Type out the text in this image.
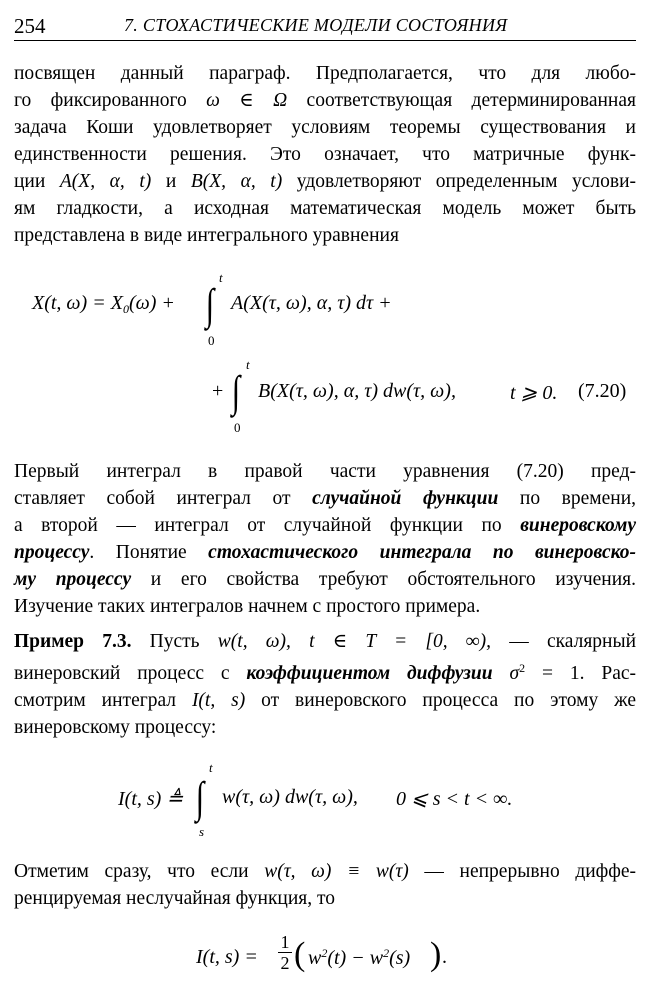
254	7. СТОХАСТИЧЕСКИЕ МОДЕЛИ СОСТОЯНИЯ
посвящен данный параграф. Предполагается, что для любо-
го фиксированного ω ∈ Ω соответствующая детерминированная
задача Коши удовлетворяет условиям теоремы существования и
единственности решения. Это означает, что матричные функ-
ции A(X, α, t) и B(X, α, t) удовлетворяют определенным услови-
ям гладкости, а исходная математическая модель может быть
представлена в виде интегрального уравнения
X(t, $\omega) = X_0(\omega)$ +
t
∫
0
A(X(τ, ω), α, τ) dτ +
+
t
∫
0
B(X(τ, ω), α, τ) dw(τ, ω),	t ⩾ 0. (7.20)
Первый интеграл в правой части уравнения (7.20) пред-
ставляет собой интеграл от случайной функции по времени,
а второй — интеграл от случайной функции по винеровскому
процессу. Понятие стохастического интеграла по винеровско-
му процессу и его свойства требуют обстоятельного изучения.
Изучение таких интегралов начнем с простого примера.
Пример 7.3. Пусть w(t, ω), t ∈ T = [0, ∞), — скалярный
винеровский процесс с коэффициентом диффузии $\sigma^2 = 1$. Рас-
смотрим интеграл I(t, s) от винеровского процесса по этому же
винеровскому процессу:
I(t, s) ≜
t
∫
s
w(τ, ω) dw(τ, ω), 0 ⩽ s < t < ∞.
Отметим сразу, что если w(τ, ω) ≡ w(τ) — непрерывно диффе-
ренцируемая неслучайная функция, то
I(t, $s) = \frac{1}{2}$ ( $w^2(t) - w^2(s)$ ) .
